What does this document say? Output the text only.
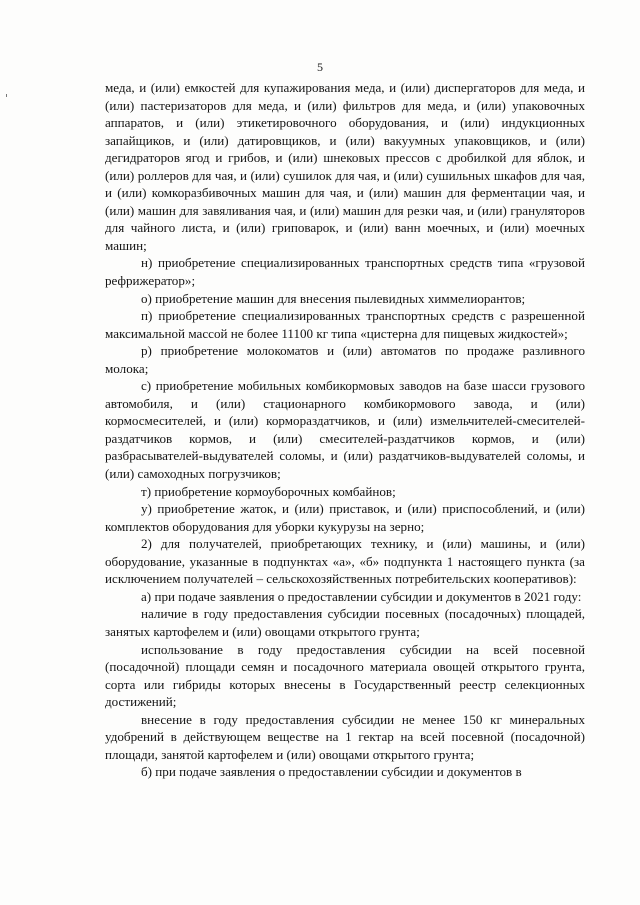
5

меда, и (или) емкостей для купажирования меда, и (или) диспергаторов для меда, и (или) пастеризаторов для меда, и (или) фильтров для меда, и (или) упаковочных аппаратов, и (или) этикетировочного оборудования, и (или) индукционных запайщиков, и (или) датировщиков, и (или) вакуумных упаковщиков, и (или) дегидраторов ягод и грибов, и (или) шнековых прессов с дробилкой для яблок, и (или) роллеров для чая, и (или) сушилок для чая, и (или) сушильных шкафов для чая, и (или) комкоразбивочных машин для чая, и (или) машин для ферментации чая, и (или) машин для завяливания чая, и (или) машин для резки чая, и (или) грануляторов для чайного листа, и (или) гриповарок, и (или) ванн моечных, и (или) моечных машин;

н) приобретение специализированных транспортных средств типа «грузовой рефрижератор»;

о) приобретение машин для внесения пылевидных химмелиорантов;

п) приобретение специализированных транспортных средств с разрешенной максимальной массой не более 11100 кг типа «цистерна для пищевых жидкостей»;

р) приобретение молокоматов и (или) автоматов по продаже разливного молока;

с) приобретение мобильных комбикормовых заводов на базе шасси грузового автомобиля, и (или) стационарного комбикормового завода, и (или) кормосмесителей, и (или) кормораздатчиков, и (или) измельчителей-смесителей-раздатчиков кормов, и (или) смесителей-раздатчиков кормов, и (или) разбрасывателей-выдувателей соломы, и (или) раздатчиков-выдувателей соломы, и (или) самоходных погрузчиков;

т) приобретение кормоуборочных комбайнов;

у) приобретение жаток, и (или) приставок, и (или) приспособлений, и (или) комплектов оборудования для уборки кукурузы на зерно;

2) для получателей, приобретающих технику, и (или) машины, и (или) оборудование, указанные в подпунктах «а», «б» подпункта 1 настоящего пункта (за исключением получателей – сельскохозяйственных потребительских кооперативов):

а) при подаче заявления о предоставлении субсидии и документов в 2021 году:

наличие в году предоставления субсидии посевных (посадочных) площадей, занятых картофелем и (или) овощами открытого грунта;

использование в году предоставления субсидии на всей посевной (посадочной) площади семян и посадочного материала овощей открытого грунта, сорта или гибриды которых внесены в Государственный реестр селекционных достижений;

внесение в году предоставления субсидии не менее 150 кг минеральных удобрений в действующем веществе на 1 гектар на всей посевной (посадочной) площади, занятой картофелем и (или) овощами открытого грунта;

б) при подаче заявления о предоставлении субсидии и документов в
